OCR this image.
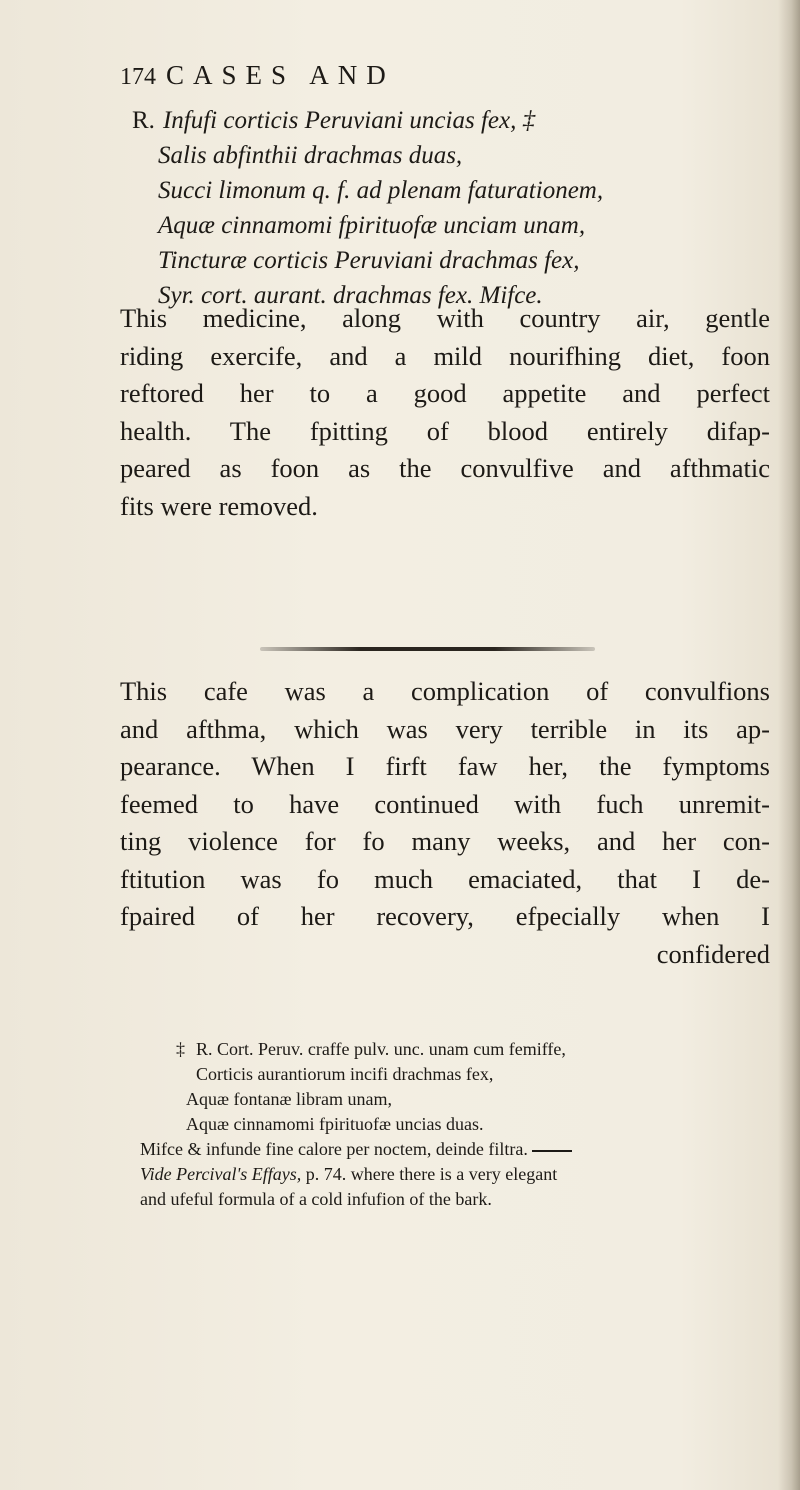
174 CASES AND
R. Infufi corticis Peruviani uncias fex, ‡
Salis abfinthii drachmas duas,
Succi limonum q. f. ad plenam faturationem,
Aquæ cinnamomi fpirituofæ unciam unam,
Tincturæ corticis Peruviani drachmas fex,
Syr. cort. aurant. drachmas fex. Mifce.
This medicine, along with country air, gentle
riding exercife, and a mild nourifhing diet, foon
reftored her to a good appetite and perfect
health. The fpitting of blood entirely difap-
peared as foon as the convulfive and afthmatic
fits were removed.
This cafe was a complication of convulfions
and afthma, which was very terrible in its ap-
pearance. When I firft faw her, the fymptoms
feemed to have continued with fuch unremit-
ting violence for fo many weeks, and her con-
ftitution was fo much emaciated, that I de-
fpaired of her recovery, efpecially when I
confidered
‡ R. Cort. Peruv. craffe pulv. unc. unam cum femiffe,
Corticis aurantiorum incifi drachmas fex,
Aquæ fontanæ libram unam,
Aquæ cinnamomi fpirituofæ uncias duas.
Mifce & infunde fine calore per noctem, deinde filtra.
Vide Percival's Effays, p. 74. where there is a very elegant
and ufeful formula of a cold infufion of the bark.
